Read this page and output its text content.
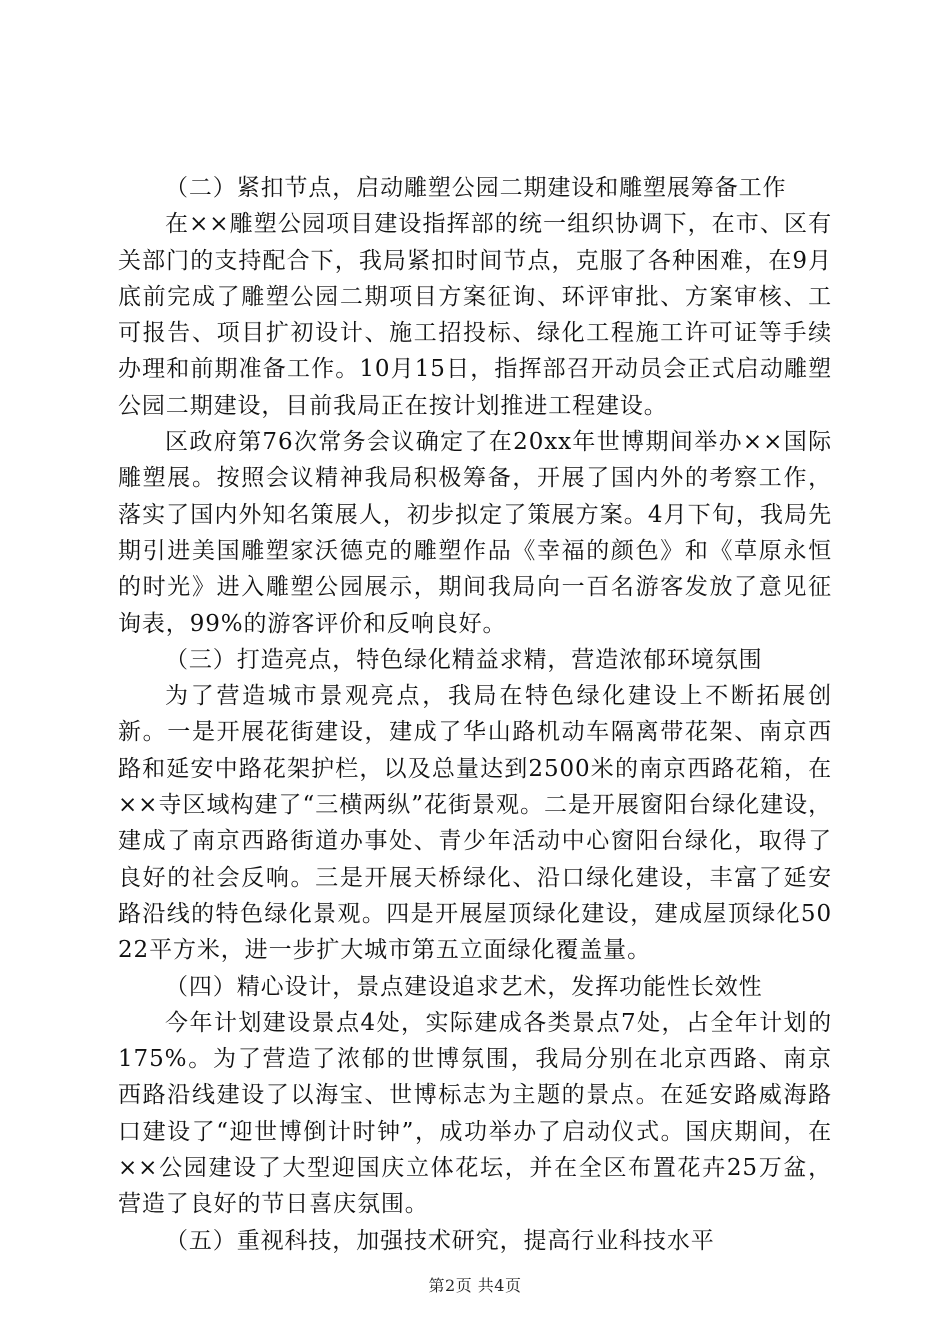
（二）紧扣节点，启动雕塑公园二期建设和雕塑展筹备工作

在××雕塑公园项目建设指挥部的统一组织协调下，在市、区有关部门的支持配合下，我局紧扣时间节点，克服了各种困难，在9月底前完成了雕塑公园二期项目方案征询、环评审批、方案审核、工可报告、项目扩初设计、施工招投标、绿化工程施工许可证等手续办理和前期准备工作。10月15日，指挥部召开动员会正式启动雕塑公园二期建设，目前我局正在按计划推进工程建设。

区政府第76次常务会议确定了在20xx年世博期间举办××国际雕塑展。按照会议精神我局积极筹备，开展了国内外的考察工作，落实了国内外知名策展人，初步拟定了策展方案。4月下旬，我局先期引进美国雕塑家沃德克的雕塑作品《幸福的颜色》和《草原永恒的时光》进入雕塑公园展示，期间我局向一百名游客发放了意见征询表，99%的游客评价和反响良好。

（三）打造亮点，特色绿化精益求精，营造浓郁环境氛围

为了营造城市景观亮点，我局在特色绿化建设上不断拓展创新。一是开展花街建设，建成了华山路机动车隔离带花架、南京西路和延安中路花架护栏，以及总量达到2500米的南京西路花箱，在××寺区域构建了“三横两纵”花街景观。二是开展窗阳台绿化建设，建成了南京西路街道办事处、青少年活动中心窗阳台绿化，取得了良好的社会反响。三是开展天桥绿化、沿口绿化建设，丰富了延安路沿线的特色绿化景观。四是开展屋顶绿化建设，建成屋顶绿化5022平方米，进一步扩大城市第五立面绿化覆盖量。

（四）精心设计，景点建设追求艺术，发挥功能性长效性

今年计划建设景点4处，实际建成各类景点7处，占全年计划的175%。为了营造了浓郁的世博氛围，我局分别在北京西路、南京西路沿线建设了以海宝、世博标志为主题的景点。在延安路威海路口建设了“迎世博倒计时钟”，成功举办了启动仪式。国庆期间，在××公园建设了大型迎国庆立体花坛，并在全区布置花卉25万盆，营造了良好的节日喜庆氛围。

（五）重视科技，加强技术研究，提高行业科技水平

第2页 共4页
